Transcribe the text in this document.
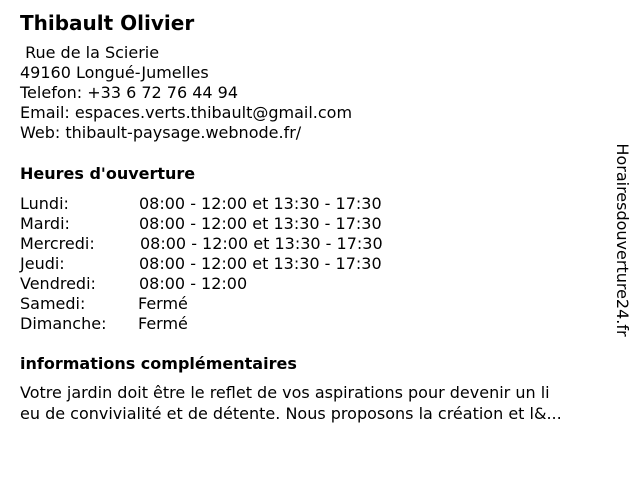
Thibault Olivier
Rue de la Scierie
49160 Longué-Jumelles
Telefon: +33 6 72 76 44 94
Email: espaces.verts.thibault@gmail.com
Web: thibault-paysage.webnode.fr/
Heures d'ouverture
Lundi:	08:00 - 12:00 et 13:30 - 17:30
Mardi:	08:00 - 12:00 et 13:30 - 17:30
Mercredi:	08:00 - 12:00 et 13:30 - 17:30
Jeudi:	08:00 - 12:00 et 13:30 - 17:30
Vendredi:	08:00 - 12:00
Samedi:	Fermé
Dimanche: Fermé
informations complémentaires
Votre jardin doit être le reflet de vos aspirations pour devenir un li
eu de convivialité et de détente. Nous proposons la création et l&...
Horairesdouverture24.fr
